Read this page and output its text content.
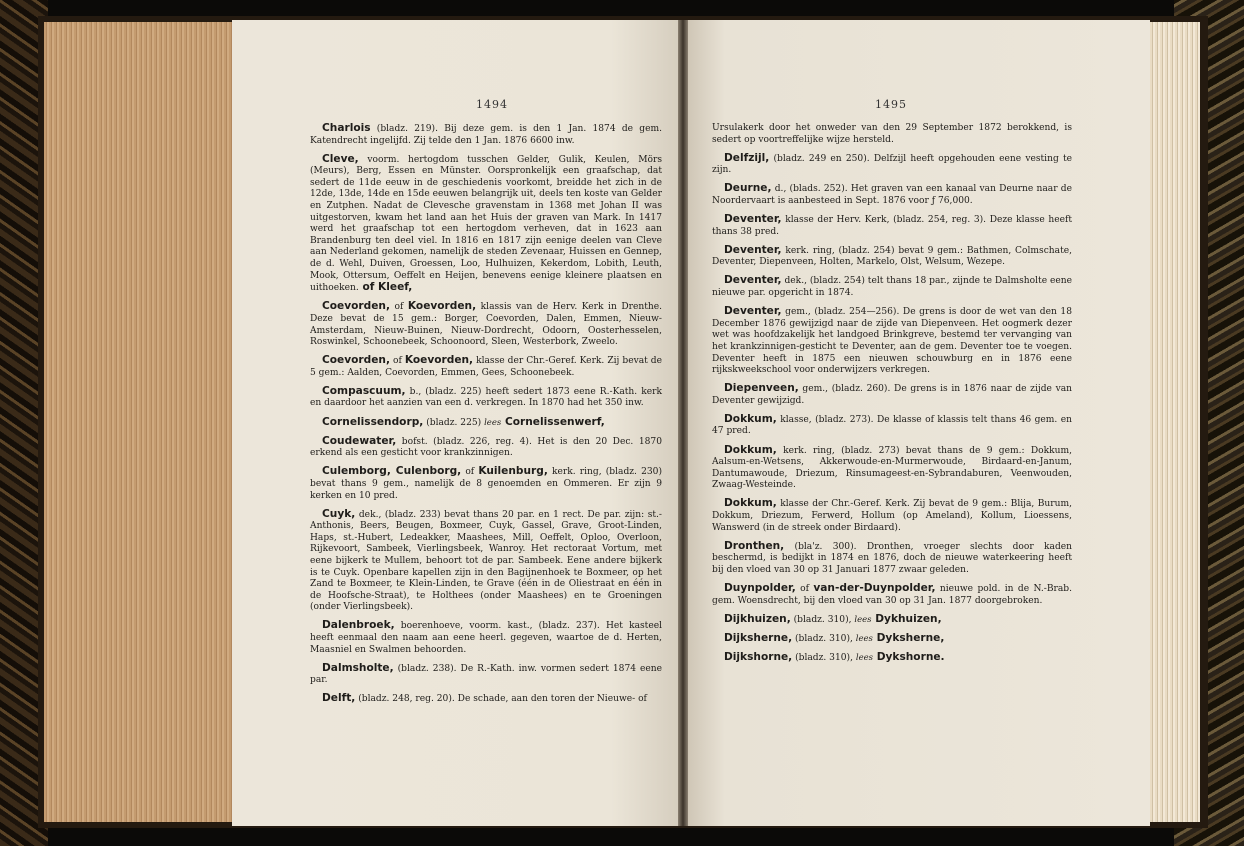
1494

Charlois (bladz. 219). Bij deze gem. is den 1 Jan. 1874 de gem. Katendrecht ingelijfd. Zij telde den 1 Jan. 1876 6600 inw.

Cleve, voorm. hertogdom tusschen Gelder, Gulik, Keulen, Mörs (Meurs), Berg, Essen en Münster. Oorspronkelijk een graafschap, dat sedert de 11de eeuw in de geschiedenis voorkomt, breidde het zich in de 12de, 13de, 14de en 15de eeuwen belangrijk uit, deels ten koste van Gelder en Zutphen. Nadat de Clevesche gravenstam in 1368 met Johan II was uitgestorven, kwam het land aan het Huis der graven van Mark. In 1417 werd het graafschap tot een hertogdom verheven, dat in 1623 aan Brandenburg ten deel viel. In 1816 en 1817 zijn eenige deelen van Cleve aan Nederland gekomen, namelijk de steden Zevenaar, Huissen en Gennep, de d. Wehl, Duiven, Groessen, Loo, Hulhuizen, Kekerdom, Lobith, Leuth, Mook, Ottersum, Oeffelt en Heijen, benevens eenige kleinere plaatsen en uithoeken. of Kleef,

Coevorden, of Koevorden, klassis van de Herv. Kerk in Drenthe. Deze bevat de 15 gem.: Borger, Coevorden, Dalen, Emmen, Nieuw-Amsterdam, Nieuw-Buinen, Nieuw-Dordrecht, Odoorn, Oosterhesselen, Roswinkel, Schoonebeek, Schoonoord, Sleen, Westerbork, Zweelo.

Coevorden, of Koevorden, klasse der Chr.-Geref. Kerk. Zij bevat de 5 gem.: Aalden, Coevorden, Emmen, Gees, Schoonebeek.

Compascuum, b., (bladz. 225) heeft sedert 1873 eene R.-Kath. kerk en daardoor het aanzien van een d. verkregen. In 1870 had het 350 inw.

Cornelissendorp, (bladz. 225) lees Cornelissenwerf,

Coudewater, bofst. (bladz. 226, reg. 4). Het is den 20 Dec. 1870 erkend als een gesticht voor krankzinnigen.

Culemborg, Culenborg, of Kuilenburg, kerk. ring, (bladz. 230) bevat thans 9 gem., namelijk de 8 genoemden en Ommeren. Er zijn 9 kerken en 10 pred.

Cuyk, dek., (bladz. 233) bevat thans 20 par. en 1 rect. De par. zijn: st.-Anthonis, Beers, Beugen, Boxmeer, Cuyk, Gassel, Grave, Groot-Linden, Haps, st.-Hubert, Ledeakker, Maashees, Mill, Oeffelt, Oploo, Overloon, Rijkevoort, Sambeek, Vierlingsbeek, Wanroy. Het rectoraat Vortum, met eene bijkerk te Mullem, behoort tot de par. Sambeek. Eene andere bijkerk is te Cuyk. Openbare kapellen zijn in den Bagijnenhoek te Boxmeer, op het Zand te Boxmeer, te Klein-Linden, te Grave (één in de Oliestraat en één in de Hoofsche-Straat), te Holthees (onder Maashees) en te Groeningen (onder Vierlingsbeek).

Dalenbroek, boerenhoeve, voorm. kast., (bladz. 237). Het kasteel heeft eenmaal den naam aan eene heerl. gegeven, waartoe de d. Herten, Maasniel en Swalmen behoorden.

Dalmsholte, (bladz. 238). De R.-Kath. inw. vormen sedert 1874 eene par.

Delft, (bladz. 248, reg. 20). De schade, aan den toren der Nieuwe- of

1495

Ursulakerk door het onweder van den 29 September 1872 berokkend, is sedert op voortreffelijke wijze hersteld.

Delfzijl, (bladz. 249 en 250). Delfzijl heeft opgehouden eene vesting te zijn.

Deurne, d., (blads. 252). Het graven van een kanaal van Deurne naar de Noordervaart is aanbesteed in Sept. 1876 voor ƒ 76,000.

Deventer, klasse der Herv. Kerk, (bladz. 254, reg. 3). Deze klasse heeft thans 38 pred.

Deventer, kerk. ring, (bladz. 254) bevat 9 gem.: Bathmen, Colmschate, Deventer, Diepenveen, Holten, Markelo, Olst, Welsum, Wezepe.

Deventer, dek., (bladz. 254) telt thans 18 par., zijnde te Dalmsholte eene nieuwe par. opgericht in 1874.

Deventer, gem., (bladz. 254—256). De grens is door de wet van den 18 December 1876 gewijzigd naar de zijde van Diepenveen. Het oogmerk dezer wet was hoofdzakelijk het landgoed Brinkgreve, bestemd ter vervanging van het krankzinnigen-gesticht te Deventer, aan de gem. Deventer toe te voegen. Deventer heeft in 1875 een nieuwen schouwburg en in 1876 eene rijkskweekschool voor onderwijzers verkregen.

Diepenveen, gem., (bladz. 260). De grens is in 1876 naar de zijde van Deventer gewijzigd.

Dokkum, klasse, (bladz. 273). De klasse of klassis telt thans 46 gem. en 47 pred.

Dokkum, kerk. ring, (bladz. 273) bevat thans de 9 gem.: Dokkum, Aalsum-en-Wetsens, Akkerwoude-en-Murmerwoude, Birdaard-en-Janum, Dantumawoude, Driezum, Rinsumageest-en-Sybrandaburen, Veenwouden, Zwaag-Westeinde.

Dokkum, klasse der Chr.-Geref. Kerk. Zij bevat de 9 gem.: Blija, Burum, Dokkum, Driezum, Ferwerd, Hollum (op Ameland), Kollum, Lioessens, Wanswerd (in de streek onder Birdaard).

Dronthen, (bla'z. 300). Dronthen, vroeger slechts door kaden beschermd, is bedijkt in 1874 en 1876, doch de nieuwe waterkeering heeft bij den vloed van 30 op 31 Januari 1877 zwaar geleden.

Duynpolder, of van-der-Duynpolder, nieuwe pold. in de N.-Brab. gem. Woensdrecht, bij den vloed van 30 op 31 Jan. 1877 doorgebroken.

Dijkhuizen, (bladz. 310), lees Dykhuizen,

Dijksherne, (bladz. 310), lees Dyksherne,

Dijkshorne, (bladz. 310), lees Dykshorne.
